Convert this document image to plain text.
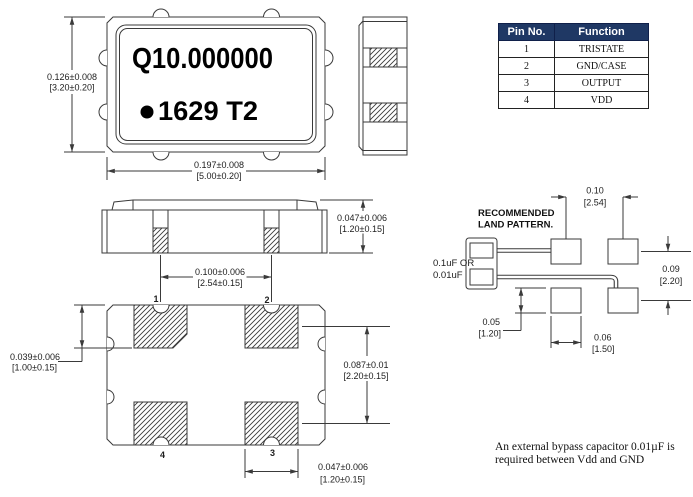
Q10.000000
1629 T2
0.126±0.008
[3.20±0.20]
0.197±0.008
[5.00±0.20]
0.047±0.006
[1.20±0.15]
0.100±0.006
[2.54±0.15]
1	2
3
4
0.039±0.006
[1.00±0.15]	0.087±0.01
[2.20±0.15]
0.047±0.006
[1.20±0.15]
RECOMMENDED
LAND PATTERN.
0.1uF OR
0.01uF
0.10
[2.54]
0.09
[2.20]
0.05
[1.20]	0.06
[1.50]
Pin No.	Function
1	TRISTATE
2	GND/CASE
3	OUTPUT
4	VDD
An external bypass capacitor 0.01µF is
required between Vdd and GND
